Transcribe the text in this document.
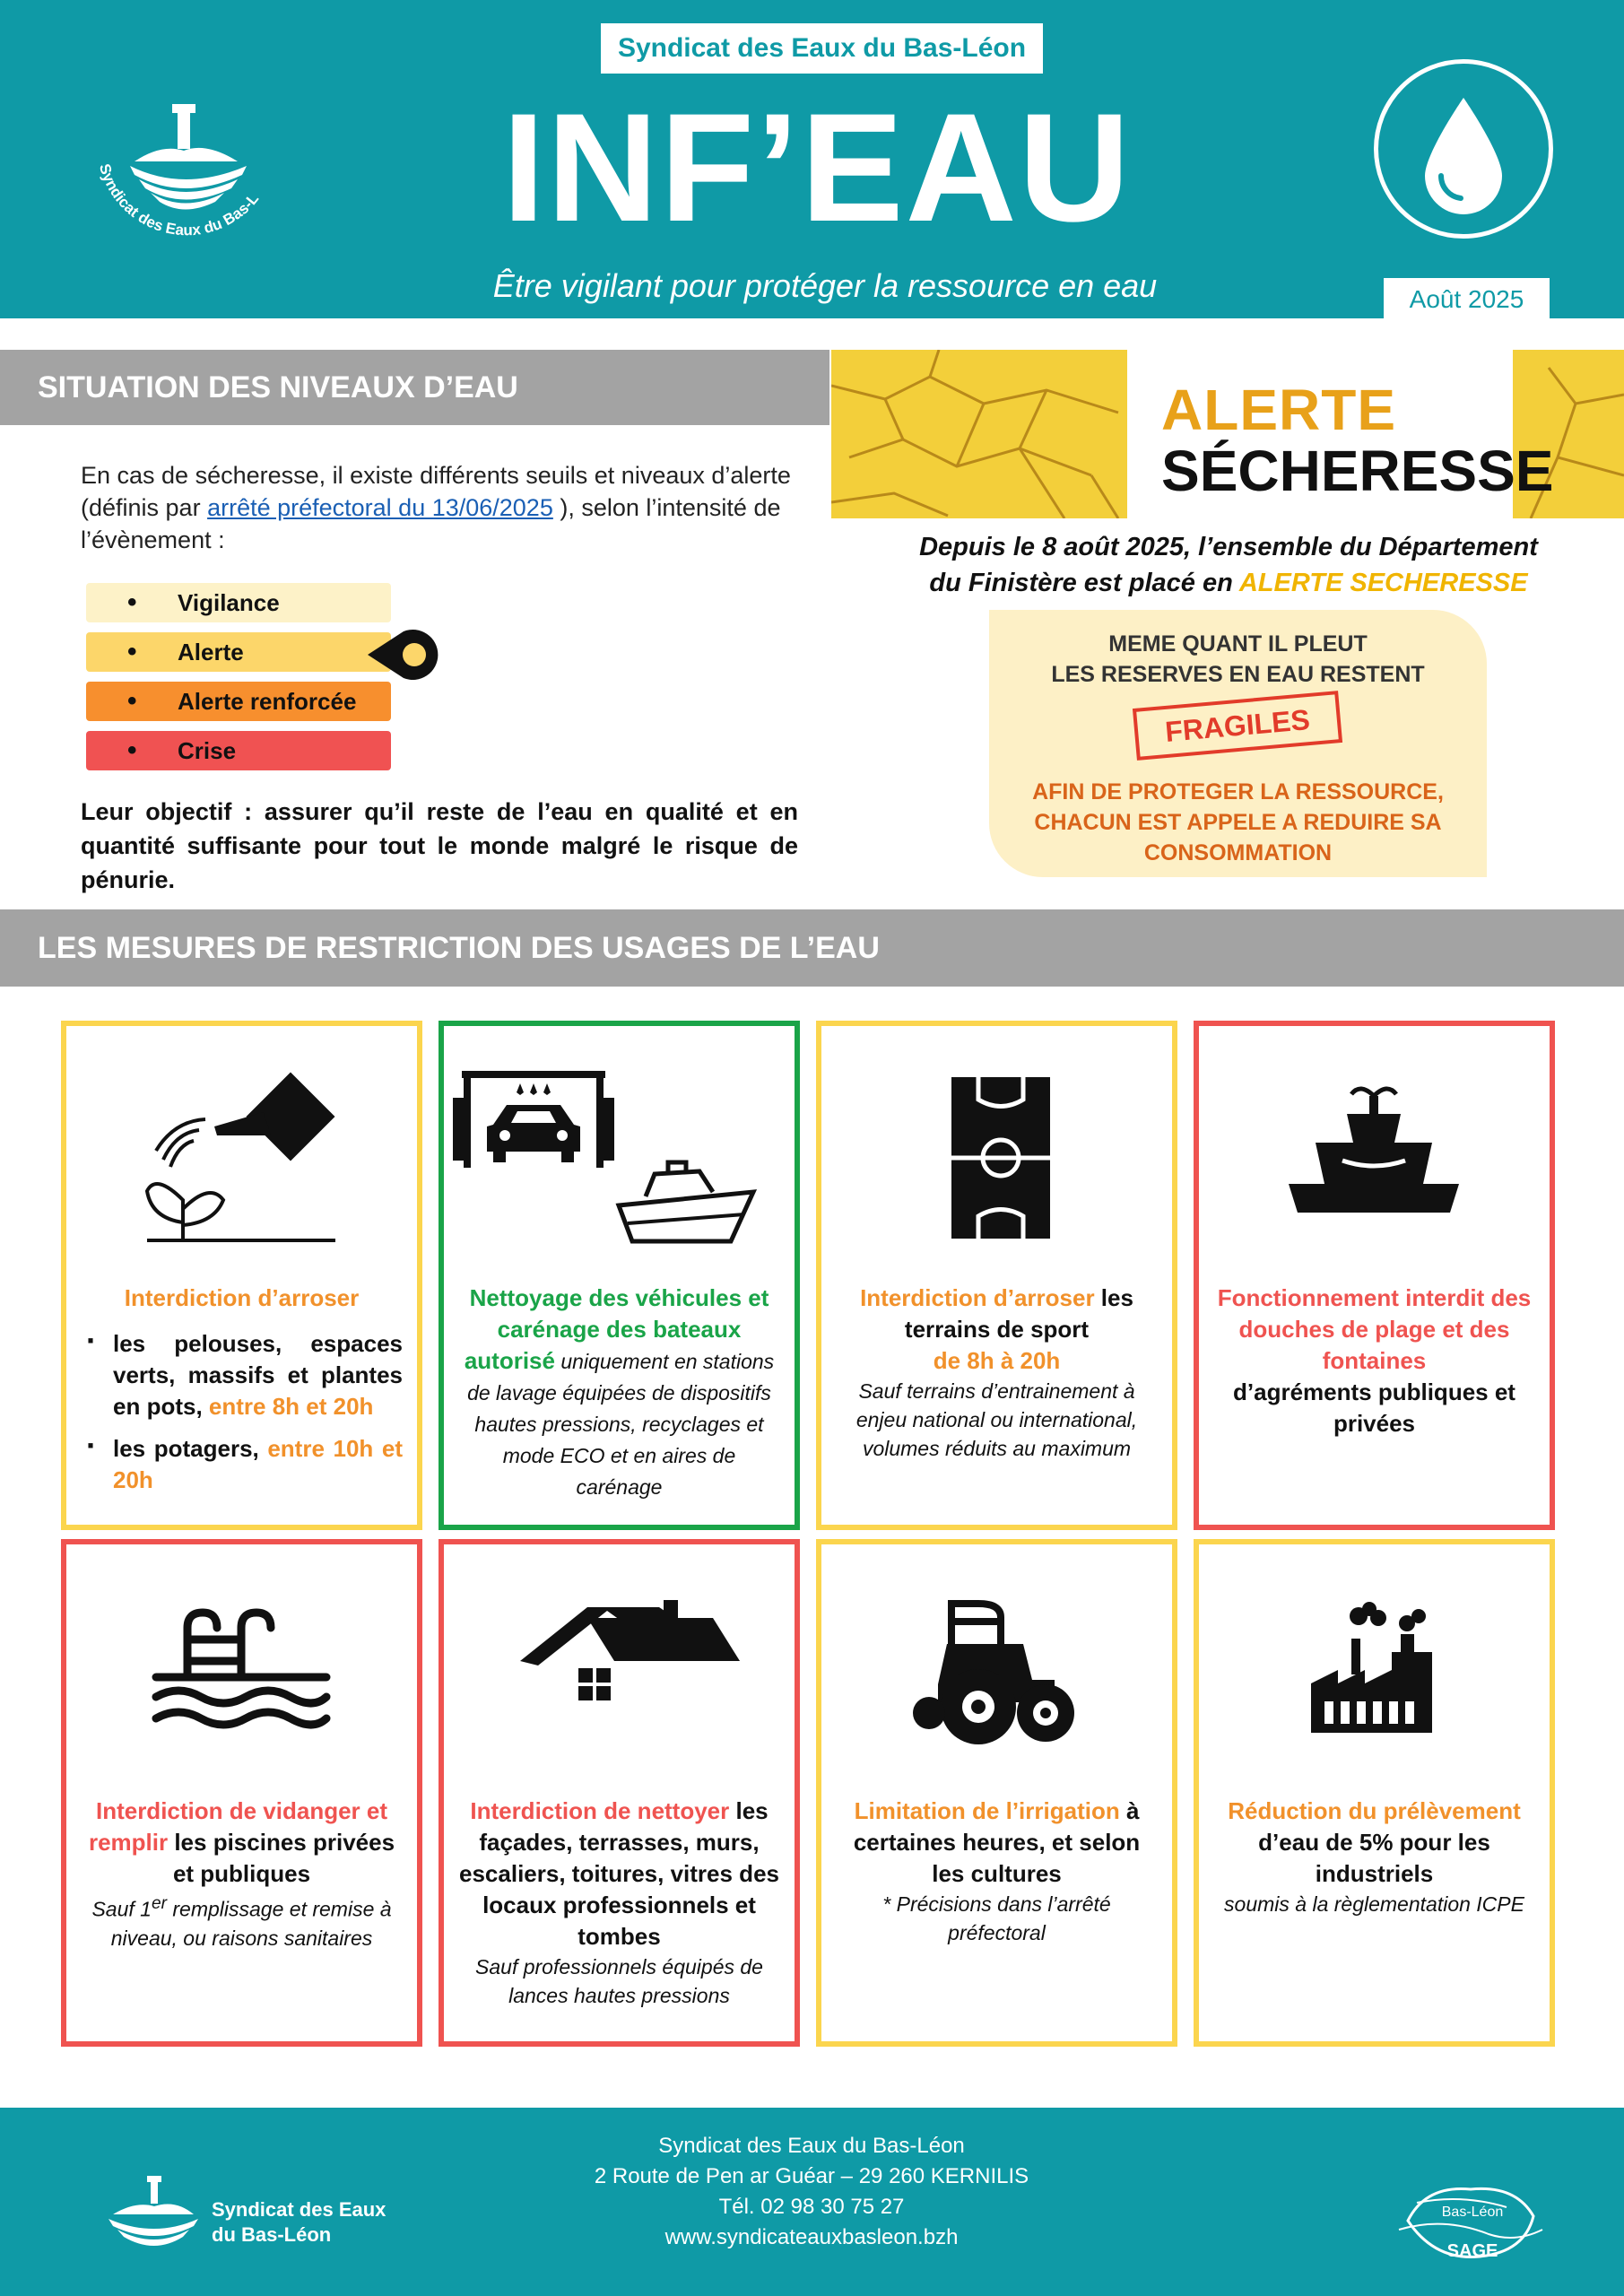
Syndicat des Eaux du Bas-L
Syndicat des Eaux du Bas-Léon
INF’EAU
Être vigilant pour protéger la ressource en eau	Août 2025
SITUATION DES NIVEAUX D’EAU
En cas de sécheresse, il existe différents seuils et niveaux d’alerte (définis par arrêté préfectoral du 13/06/2025 ), selon l’intensité de l’évènement :
• Vigilance
• Alerte
• Alerte renforcée
• Crise
Leur objectif : assurer qu’il reste de l’eau en qualité et en quantité suffisante pour tout le monde malgré le risque de pénurie.
ALERTE
SÉCHERESSE
Depuis le 8 août 2025, l’ensemble du Département
du Finistère est placé en ALERTE SECHERESSE
MEME QUANT IL PLEUT
LES RESERVES EN EAU RESTENT
FRAGILES
AFIN DE PROTEGER LA RESSOURCE, CHACUN EST APPELE A REDUIRE SA CONSOMMATION
LES MESURES DE RESTRICTION DES USAGES DE L’EAU
Interdiction d’arroser
· les pelouses, espaces verts, massifs et plantes en pots, entre 8h et 20h
· les potagers, entre 10h et 20h
Nettoyage des véhicules et carénage des bateaux autorisé uniquement en stations de lavage équipées de dispositifs hautes pressions, recyclages et mode ECO et en aires de carénage
Interdiction d’arroser les terrains de sport
de 8h à 20h
Sauf terrains d’entrainement à enjeu national ou international, volumes réduits au maximum
Fonctionnement interdit des douches de plage et des fontaines
d’agréments publiques et privées
Interdiction de vidanger et remplir les piscines privées et publiques
Sauf 1er remplissage et remise à niveau, ou raisons sanitaires
Interdiction de nettoyer les façades, terrasses, murs, escaliers, toitures, vitres des locaux professionnels et tombes
Sauf professionnels équipés de lances hautes pressions
Limitation de l’irrigation à certaines heures, et selon les cultures
* Précisions dans l’arrêté préfectoral
Réduction du prélèvement d’eau de 5% pour les industriels
soumis à la règlementation ICPE
Syndicat des Eaux
du Bas-Léon
Syndicat des Eaux du Bas-Léon
2 Route de Pen ar Guéar – 29 260 KERNILIS
Tél. 02 98 30 75 27
www.syndicateauxbasleon.bzh
Bas-Léon
SAGE
